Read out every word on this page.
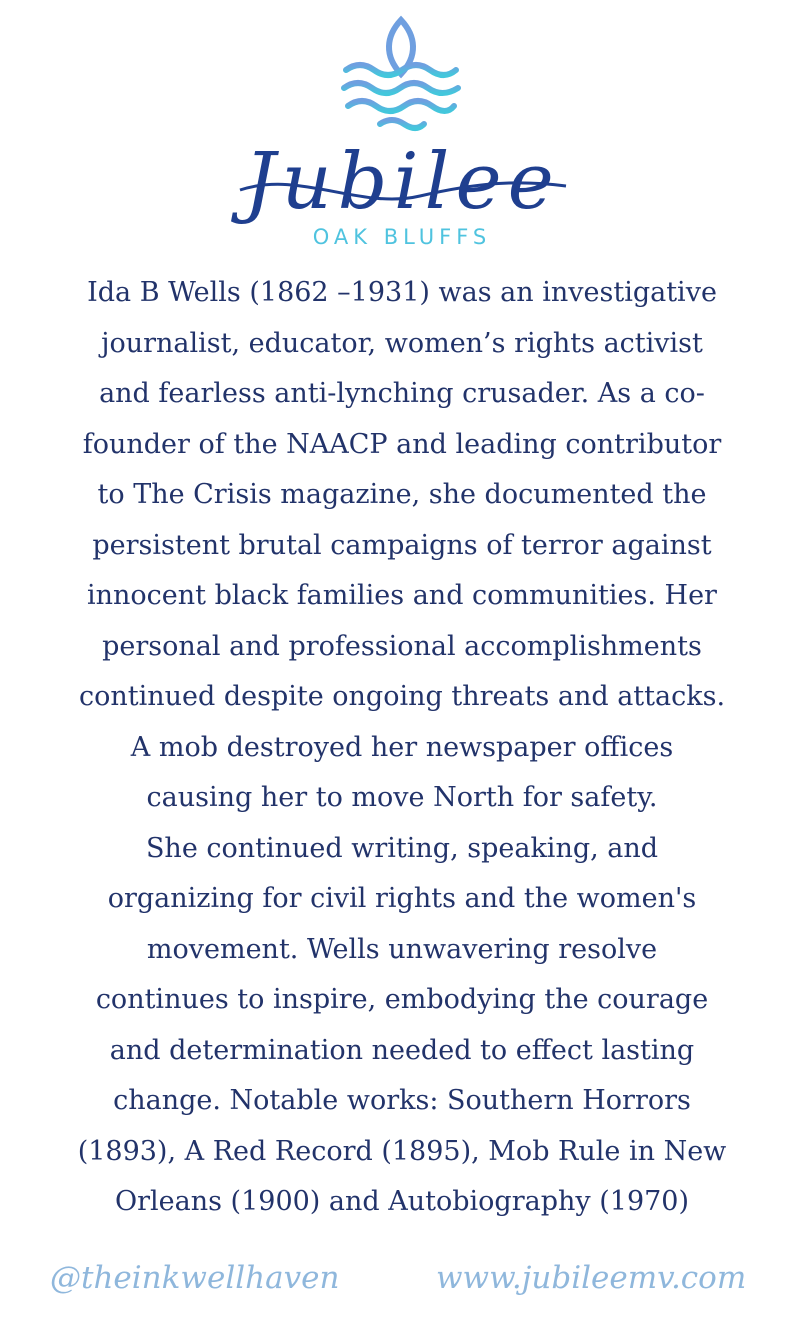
Jubilee
OAK BLUFFS

Ida B Wells (1862 –1931) was an investigative
journalist, educator, women’s rights activist
and fearless anti-lynching crusader. As a co-
founder of the NAACP and leading contributor
to The Crisis magazine, she documented the
persistent brutal campaigns of terror against
innocent black families and communities. Her
personal and professional accomplishments
continued despite ongoing threats and attacks.
A mob destroyed her newspaper offices
causing her to move North for safety.
She continued writing, speaking, and
organizing for civil rights and the women's
movement. Wells unwavering resolve
continues to inspire, embodying the courage
and determination needed to effect lasting
change. Notable works: Southern Horrors
(1893), A Red Record (1895), Mob Rule in New
Orleans (1900) and Autobiography (1970)

@theinkwellhaven	www.jubileemv.com
